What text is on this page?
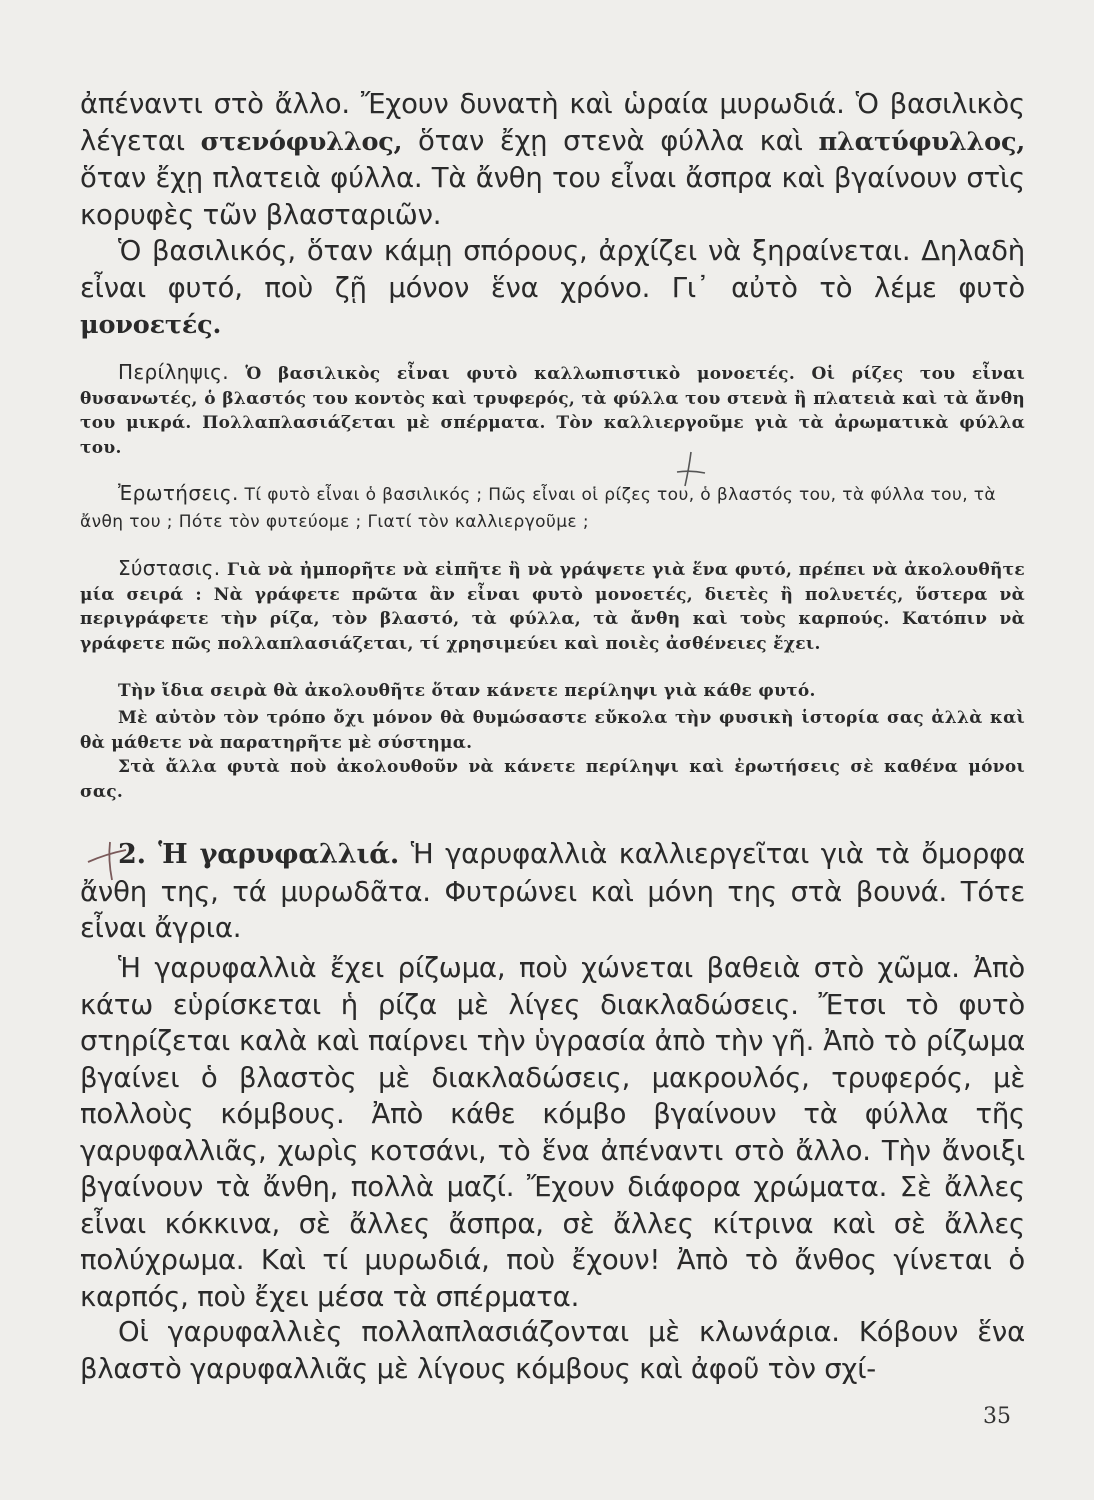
ἀπέναντι στὸ ἄλλο. Ἔχουν δυνατὴ καὶ ὡραία μυρωδιά. Ὁ βασιλικὸς λέγεται στενόφυλλος, ὅταν ἔχῃ στενὰ φύλλα καὶ πλατύφυλλος, ὅταν ἔχῃ πλατειὰ φύλλα. Τὰ ἄνθη του εἶναι ἄσπρα καὶ βγαίνουν στὶς κορυφὲς τῶν βλασταριῶν.

Ὁ βασιλικός, ὅταν κάμῃ σπόρους, ἀρχίζει νὰ ξηραίνεται. Δηλαδὴ εἶναι φυτό, ποὺ ζῇ μόνον ἕνα χρόνο. Γι᾿ αὐτὸ τὸ λέμε φυτὸ μονοετές.

Περίληψις. Ὁ βασιλικὸς εἶναι φυτὸ καλλωπιστικὸ μονοετές. Οἱ ρίζες του εἶναι θυσανωτές, ὁ βλαστός του κοντὸς καὶ τρυφερός, τὰ φύλλα του στενὰ ἢ πλατειὰ καὶ τὰ ἄνθη του μικρά. Πολλαπλασιάζεται μὲ σπέρματα. Τὸν καλλιεργοῦμε γιὰ τὰ ἀρωματικὰ φύλλα του.

Ἐρωτήσεις. Τί φυτὸ εἶναι ὁ βασιλικός ; Πῶς εἶναι οἱ ρίζες του, ὁ βλαστός του, τὰ φύλλα του, τὰ ἄνθη του ; Πότε τὸν φυτεύομε ; Γιατί τὸν καλλιεργοῦμε ;

Σύστασις. Γιὰ νὰ ἠμπορῆτε νὰ εἰπῆτε ἢ νὰ γράψετε γιὰ ἕνα φυτό, πρέπει νὰ ἀκολουθῆτε μία σειρά : Νὰ γράφετε πρῶτα ἂν εἶναι φυτὸ μονοετές, διετὲς ἢ πολυετές, ὕστερα νὰ περιγράφετε τὴν ρίζα, τὸν βλαστό, τὰ φύλλα, τὰ ἄνθη καὶ τοὺς καρπούς. Κατόπιν νὰ γράφετε πῶς πολλαπλασιάζεται, τί χρησιμεύει καὶ ποιὲς ἀσθένειες ἔχει.

Τὴν ἴδια σειρὰ θὰ ἀκολουθῆτε ὅταν κάνετε περίληψι γιὰ κάθε φυτό.

Μὲ αὐτὸν τὸν τρόπο ὄχι μόνον θὰ θυμώσαστε εὔκολα τὴν φυσικὴ ἱστορία σας ἀλλὰ καὶ θὰ μάθετε νὰ παρατηρῆτε μὲ σύστημα.

Στὰ ἄλλα φυτὰ ποὺ ἀκολουθοῦν νὰ κάνετε περίληψι καὶ ἐρωτήσεις σὲ καθένα μόνοι σας.

2. Ἡ γαρυφαλλιά. Ἡ γαρυφαλλιὰ καλλιεργεῖται γιὰ τὰ ὄμορφα ἄνθη της, τά μυρωδᾶτα. Φυτρώνει καὶ μόνη της στὰ βουνά. Τότε εἶναι ἄγρια.

Ἡ γαρυφαλλιὰ ἔχει ρίζωμα, ποὺ χώνεται βαθειὰ στὸ χῶμα. Ἀπὸ κάτω εὑρίσκεται ἡ ρίζα μὲ λίγες διακλαδώσεις. Ἔτσι τὸ φυτὸ στηρίζεται καλὰ καὶ παίρνει τὴν ὑγρασία ἀπὸ τὴν γῆ. Ἀπὸ τὸ ρίζωμα βγαίνει ὁ βλαστὸς μὲ διακλαδώσεις, μακρουλός, τρυφερός, μὲ πολλοὺς κόμβους. Ἀπὸ κάθε κόμβο βγαίνουν τὰ φύλλα τῆς γαρυφαλλιᾶς, χωρὶς κοτσάνι, τὸ ἕνα ἀπέναντι στὸ ἄλλο. Τὴν ἄνοιξι βγαίνουν τὰ ἄνθη, πολλὰ μαζί. Ἔχουν διάφορα χρώματα. Σὲ ἄλλες εἶναι κόκκινα, σὲ ἄλλες ἄσπρα, σὲ ἄλλες κίτρινα καὶ σὲ ἄλλες πολύχρωμα. Καὶ τί μυρωδιά, ποὺ ἔχουν! Ἀπὸ τὸ ἄνθος γίνεται ὁ καρπός, ποὺ ἔχει μέσα τὰ σπέρματα.

Οἱ γαρυφαλλιὲς πολλαπλασιάζονται μὲ κλωνάρια. Κόβουν ἕνα βλαστὸ γαρυφαλλιᾶς μὲ λίγους κόμβους καὶ ἀφοῦ τὸν σχί-

35
